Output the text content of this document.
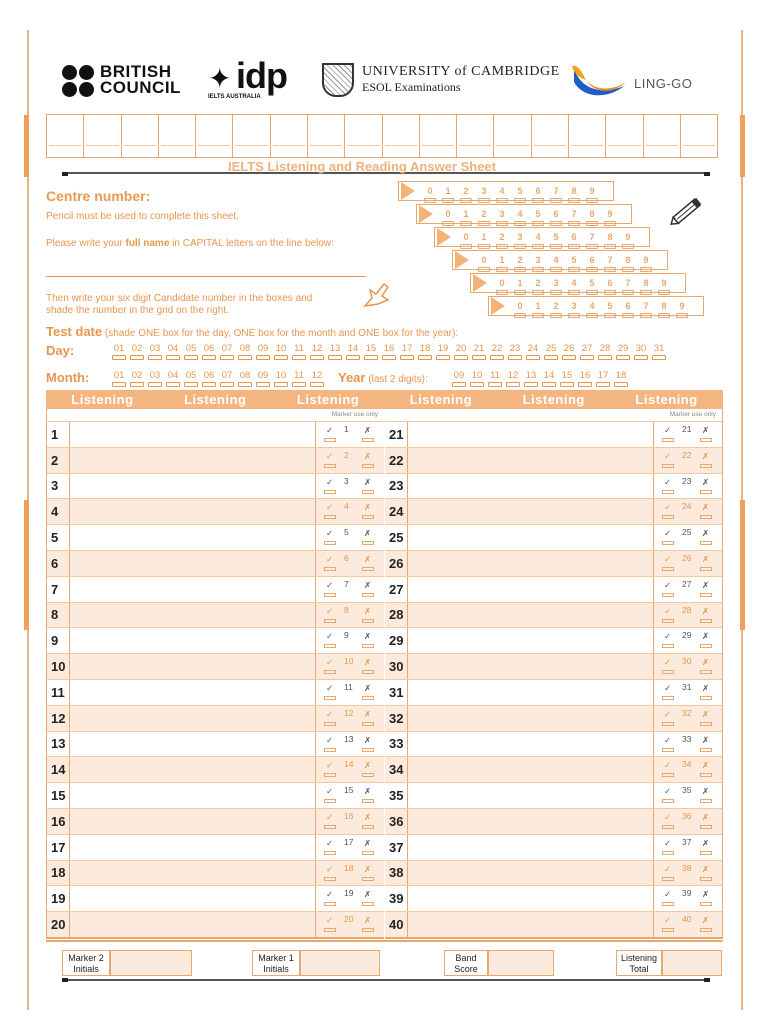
BRITISH
COUNCIL ✦ idp
IELTS AUSTRALIA
UNIVERSITY of CAMBRIDGE
ESOL Examinations	LING-GO
IELTS Listening and Reading Answer Sheet
Centre number:
Pencil must be used to complete this sheet.
Please write your full name in CAPITAL letters on the line below:
Then write your six digit Candidate number in the boxes and
shade the number in the grid on the right.
0	1	2	3	4	5	6	7	8	9
0	1	2	3	4	5	6	7	8	9
0	1	2	3	4	5	6	7	8	9
0	1	2	3	4	5	6	7	8	9
0	1	2	3	4	5	6	7	8	9
0	1	2	3	4	5	6	7	8	9
Test date (shade ONE box for the day, ONE box for the month and ONE box for the year):
Day:	01 02 03 04 05 06 07 08 09 10 11 12 13 14 15 16 17 18 19 20 21 22 23 24 25 26 27 28 29 30 31
Month:	01 02 03 04 05 06 07 08 09 10 11 12 Year (last 2 digits):	09 10 11 12 13 14 15 16 17 18
Listening	Listening	Listening	Listening	Listening	Listening
Marker use only
1	✓ 1 ✗
2	✓ 2 ✗
3	✓ 3 ✗
4	✓ 4 ✗
5	✓ 5 ✗
6	✓ 6 ✗
7	✓ 7 ✗
8	✓ 8 ✗
9	✓ 9 ✗
10	✓ 10 ✗
11	✓ 11 ✗
12	✓ 12 ✗
13	✓ 13 ✗
14	✓ 14 ✗
15	✓ 15 ✗
16	✓ 16 ✗
17	✓ 17 ✗
18	✓ 18 ✗
19	✓ 19 ✗
20	✓ 20 ✗
Marker use only
21	✓ 21 ✗
22	✓ 22 ✗
23	✓ 23 ✗
24	✓ 24 ✗
25	✓ 25 ✗
26	✓ 26 ✗
27	✓ 27 ✗
28	✓ 28 ✗
29	✓ 29 ✗
30	✓ 30 ✗
31	✓ 31 ✗
32	✓ 32 ✗
33	✓ 33 ✗
34	✓ 34 ✗
35	✓ 35 ✗
36	✓ 36 ✗
37	✓ 37 ✗
38	✓ 38 ✗
39	✓ 39 ✗
40	✓ 40 ✗
Marker 2
Initials
Marker 1
Initials
Band
Score
Listening
Total
